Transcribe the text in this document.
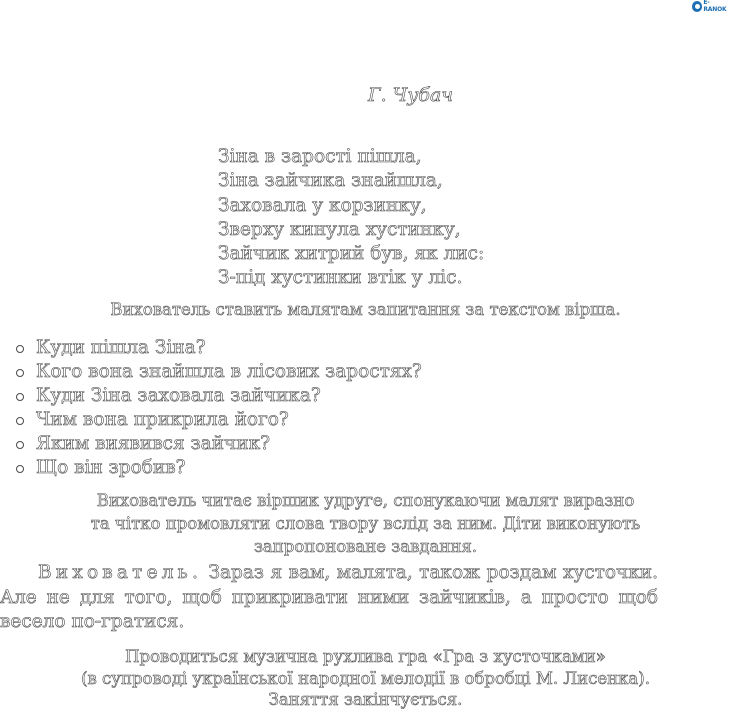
E-RANOK
Г. Чубач
Зіна в зарості пішла,
Зіна зайчика знайшла,
Заховала у корзинку,
Зверху кинула хустинку,
Зайчик хитрий був, як лис:
З-під хустинки втік у ліс.
Вихователь ставить малятам запитання за текстом вірша.
Куди пішла Зіна?
Кого вона знайшла в лісових заростях?
Куди Зіна заховала зайчика?
Чим вона прикрила його?
Яким виявився зайчик?
Що він зробив?
Вихователь читає віршик удруге, спонукаючи малят виразно
та чітко промовляти слова твору вслід за ним. Діти виконують
запропоноване завдання.
Вихователь. Зараз я вам, малята, також роздам хусточки. Але не для того, щоб прикривати ними зайчиків, а просто щоб весело по-гратися.
Проводиться музична рухлива гра «Гра з хусточками»
(в супроводі української народної мелодії в обробці М. Лисенка).
Заняття закінчується.
